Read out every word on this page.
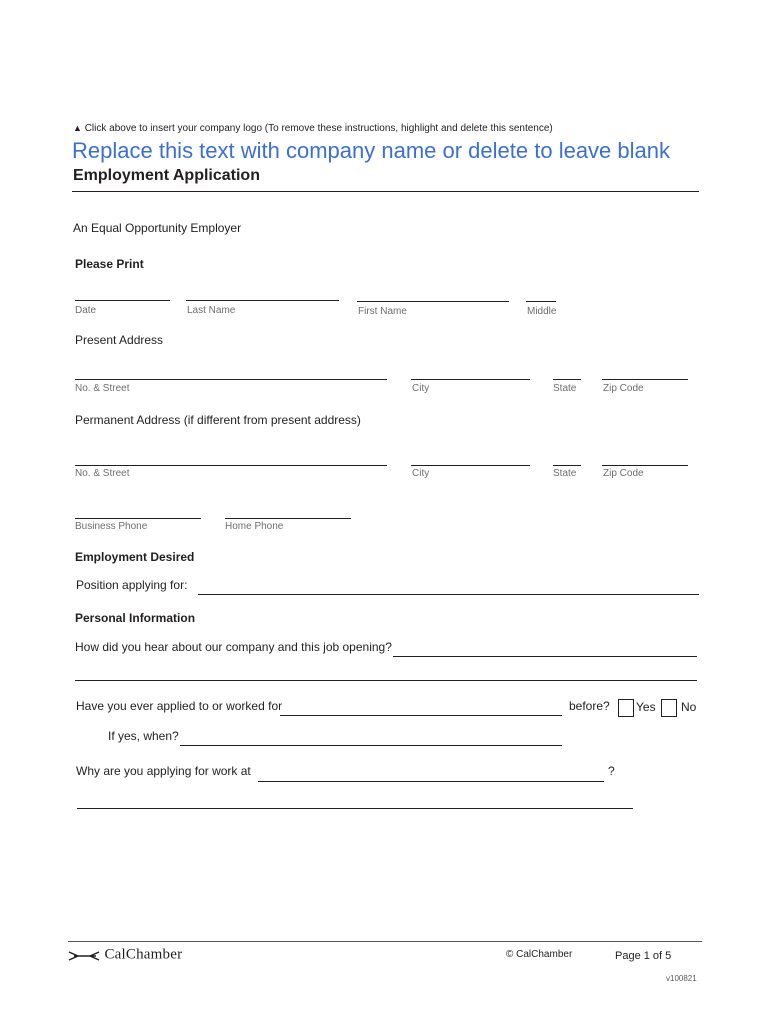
▲ Click above to insert your company logo (To remove these instructions, highlight and delete this sentence)
Replace this text with company name or delete to leave blank
Employment Application
An Equal Opportunity Employer
Please Print
Date	Last Name	First Name	Middle
Present Address
No. & Street	City	State	Zip Code
Permanent Address (if different from present address)
No. & Street	City	State	Zip Code
Business Phone	Home Phone
Employment Desired
Position applying for:
Personal Information
How did you hear about our company and this job opening?
Have you ever applied to or worked for	before? Yes No
If yes, when?
Why are you applying for work at	?
CalChamber	© CalChamber	Page 1 of 5
v100821
